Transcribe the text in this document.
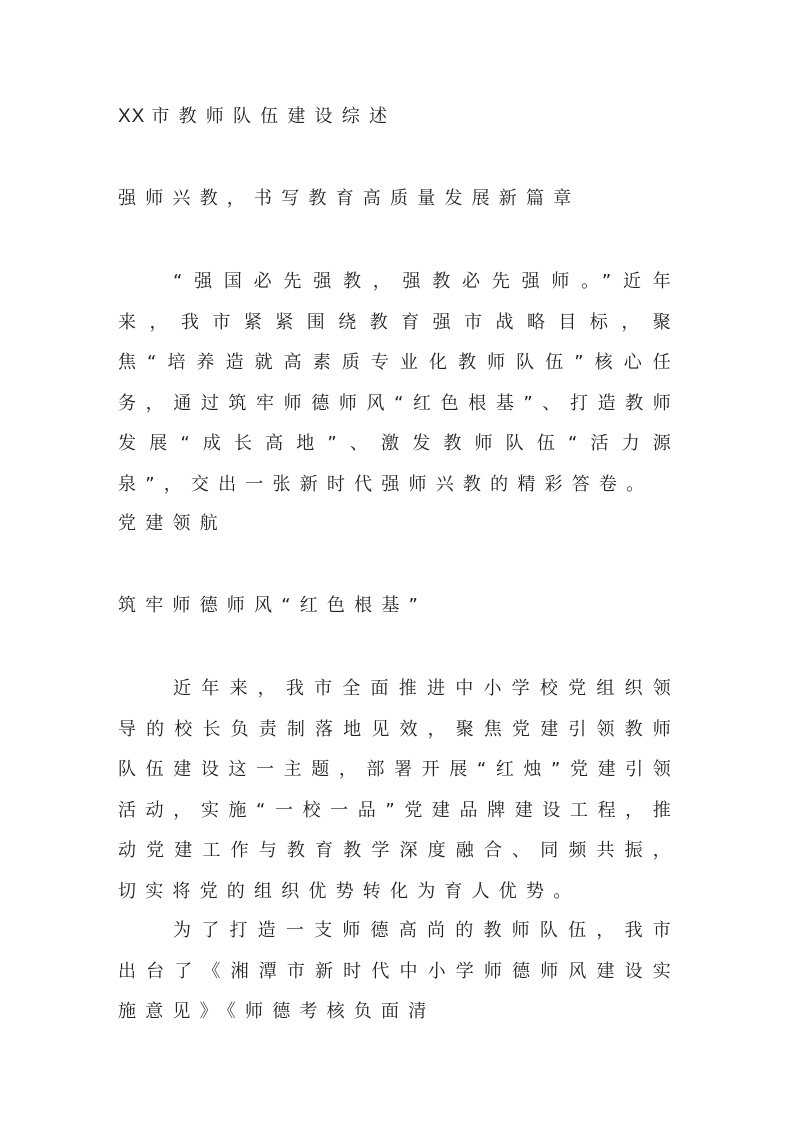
XX 市教师队伍建设综述
强师兴教，书写教育高质量发展新篇章

“强国必先强教，强教必先强师。”近年来，我市紧紧围绕教育强市战略目标，聚焦“培养造就高素质专业化教师队伍”核心任务，通过筑牢师德师风“红色根基”、打造教师发展“成长高地”、激发教师队伍“活力源泉”，交出一张新时代强师兴教的精彩答卷。

党建领航
筑牢师德师风“红色根基”

近年来，我市全面推进中小学校党组织领导的校长负责制落地见效，聚焦党建引领教师队伍建设这一主题，部署开展“红烛”党建引领活动，实施“一校一品”党建品牌建设工程，推动党建工作与教育教学深度融合、同频共振，切实将党的组织优势转化为育人优势。

为了打造一支师德高尚的教师队伍，我市出台了《湘潭市新时代中小学师德师风建设实施意见》《师德考核负面清
